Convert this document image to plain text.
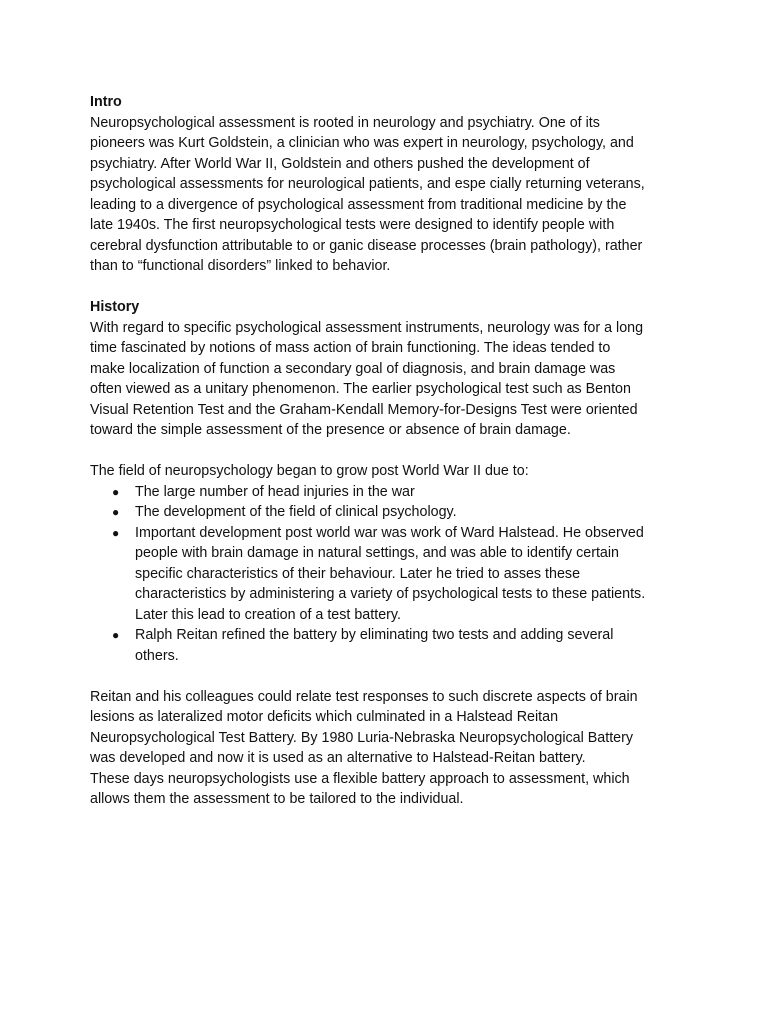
Intro
Neuropsychological assessment is rooted in neurology and psychiatry. One of its
pioneers was Kurt Goldstein, a clinician who was expert in neurology, psychology, and
psychiatry. After World War II, Goldstein and others pushed the development of
psychological assessments for neurological patients, and espe cially returning veterans,
leading to a divergence of psychological assessment from traditional medicine by the
late 1940s. The first neuropsychological tests were designed to identify people with
cerebral dysfunction attributable to or ganic disease processes (brain pathology), rather
than to “functional disorders” linked to behavior.
History
With regard to specific psychological assessment instruments, neurology was for a long
time fascinated by notions of mass action of brain functioning. The ideas tended to
make localization of function a secondary goal of diagnosis, and brain damage was
often viewed as a unitary phenomenon. The earlier psychological test such as Benton
Visual Retention Test and the Graham-Kendall Memory-for-Designs Test were oriented
toward the simple assessment of the presence or absence of brain damage.
The field of neuropsychology began to grow post World War II due to:
● The large number of head injuries in the war
● The development of the field of clinical psychology.
● Important development post world war was work of Ward Halstead. He observed
people with brain damage in natural settings, and was able to identify certain
specific characteristics of their behaviour. Later he tried to asses these
characteristics by administering a variety of psychological tests to these patients.
Later this lead to creation of a test battery.
● Ralph Reitan refined the battery by eliminating two tests and adding several
others.
Reitan and his colleagues could relate test responses to such discrete aspects of brain
lesions as lateralized motor deficits which culminated in a Halstead Reitan
Neuropsychological Test Battery. By 1980 Luria-Nebraska Neuropsychological Battery
was developed and now it is used as an alternative to Halstead-Reitan battery.
These days neuropsychologists use a flexible battery approach to assessment, which
allows them the assessment to be tailored to the individual.
